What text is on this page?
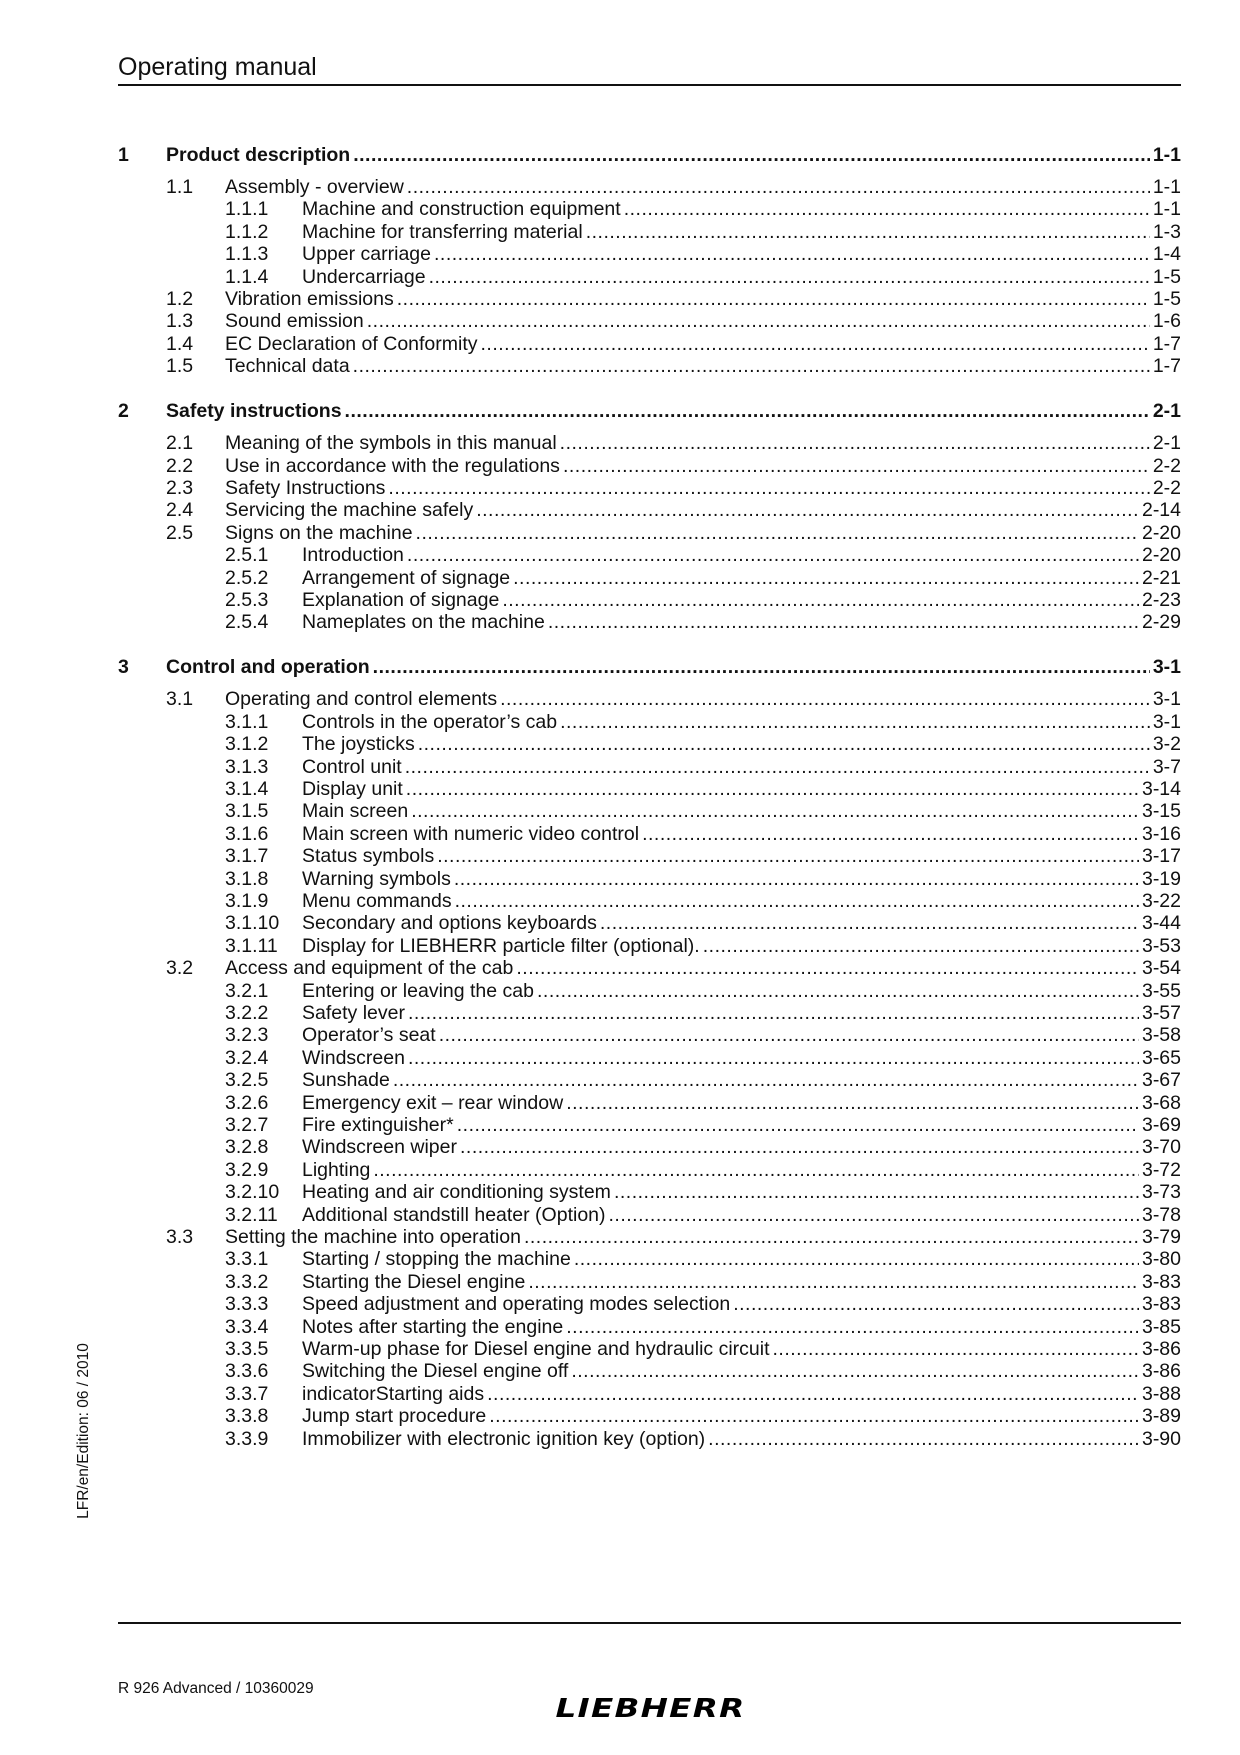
Operating manual
1 Product description .....	1-1
1.1 Assembly - overview .....	1-1
1.1.1 Machine and construction equipment .....	1-1
1.1.2 Machine for transferring material .....	1-3
1.1.3 Upper carriage .....	1-4
1.1.4 Undercarriage .....	1-5
1.2 Vibration emissions .....	1-5
1.3 Sound emission .....	1-6
1.4 EC Declaration of Conformity .....	1-7
1.5 Technical data .....	1-7
2 Safety instructions .....	2-1
2.1 Meaning of the symbols in this manual .....	2-1
2.2 Use in accordance with the regulations .....	2-2
2.3 Safety Instructions .....	2-2
2.4 Servicing the machine safely .....	2-14
2.5 Signs on the machine .....	2-20
2.5.1 Introduction .....	2-20
2.5.2 Arrangement of signage .....	2-21
2.5.3 Explanation of signage .....	2-23
2.5.4 Nameplates on the machine .....	2-29
3 Control and operation .....	3-1
3.1 Operating and control elements .....	3-1
3.1.1 Controls in the operator’s cab .....	3-1
3.1.2 The joysticks .....	3-2
3.1.3 Control unit .....	3-7
3.1.4 Display unit .....	3-14
3.1.5 Main screen .....	3-15
3.1.6 Main screen with numeric video control .....	3-16
3.1.7 Status symbols .....	3-17
3.1.8 Warning symbols .....	3-19
3.1.9 Menu commands .....	3-22
3.1.10 Secondary and options keyboards .....	3-44
3.1.11 Display for LIEBHERR particle filter (optional). .....	3-53
3.2 Access and equipment of the cab .....	3-54
3.2.1 Entering or leaving the cab .....	3-55
3.2.2 Safety lever .....	3-57
3.2.3 Operator’s seat .....	3-58
3.2.4 Windscreen .....	3-65
3.2.5 Sunshade .....	3-67
3.2.6 Emergency exit – rear window .....	3-68
3.2.7 Fire extinguisher* .....	3-69
3.2.8 Windscreen wiper .....	3-70
3.2.9 Lighting .....	3-72
3.2.10 Heating and air conditioning system .....	3-73
3.2.11 Additional standstill heater (Option) .....	3-78
3.3 Setting the machine into operation .....	3-79
3.3.1 Starting / stopping the machine .....	3-80
3.3.2 Starting the Diesel engine .....	3-83
3.3.3 Speed adjustment and operating modes selection .....	3-83
3.3.4 Notes after starting the engine .....	3-85
3.3.5 Warm-up phase for Diesel engine and hydraulic circuit .....	3-86
3.3.6 Switching the Diesel engine off .....	3-86
3.3.7 indicatorStarting aids .....	3-88
3.3.8 Jump start procedure .....	3-89
3.3.9 Immobilizer with electronic ignition key (option) .....	3-90
R 926 Advanced / 10360029
LFR/en/Edition: 06 / 2010
LIEBHERR
